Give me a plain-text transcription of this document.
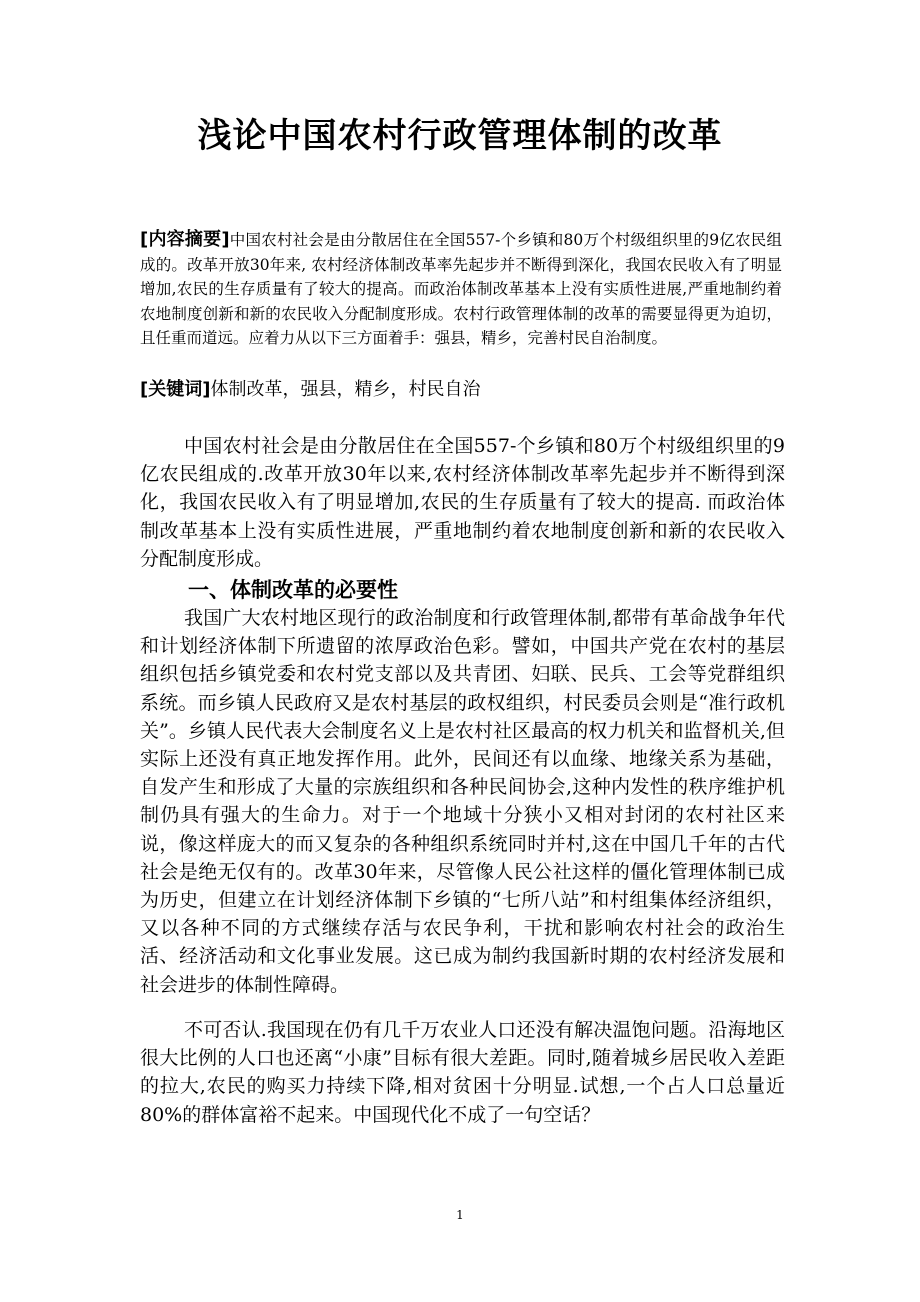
浅论中国农村行政管理体制的改革

[内容摘要]中国农村社会是由分散居住在全国557-个乡镇和80万个村级组织里的9亿农民组成的。改革开放30年来, 农村经济体制改革率先起步并不断得到深化，我国农民收入有了明显增加,农民的生存质量有了较大的提高。而政治体制改革基本上没有实质性进展,严重地制约着农地制度创新和新的农民收入分配制度形成。农村行政管理体制的改革的需要显得更为迫切，且任重而道远。应着力从以下三方面着手：强县，精乡，完善村民自治制度。

[关键词]体制改革，强县，精乡，村民自治

中国农村社会是由分散居住在全国557-个乡镇和80万个村级组织里的9亿农民组成的.改革开放30年以来,农村经济体制改革率先起步并不断得到深化，我国农民收入有了明显增加,农民的生存质量有了较大的提高. 而政治体制改革基本上没有实质性进展，严重地制约着农地制度创新和新的农民收入分配制度形成。

一、体制改革的必要性

我国广大农村地区现行的政治制度和行政管理体制,都带有革命战争年代和计划经济体制下所遗留的浓厚政治色彩。譬如，中国共产党在农村的基层组织包括乡镇党委和农村党支部以及共青团、妇联、民兵、工会等党群组织系统。而乡镇人民政府又是农村基层的政权组织，村民委员会则是“准行政机关”。乡镇人民代表大会制度名义上是农村社区最高的权力机关和监督机关,但实际上还没有真正地发挥作用。此外，民间还有以血缘、地缘关系为基础，自发产生和形成了大量的宗族组织和各种民间协会,这种内发性的秩序维护机制仍具有强大的生命力。对于一个地域十分狭小又相对封闭的农村社区来说，像这样庞大的而又复杂的各种组织系统同时并村,这在中国几千年的古代社会是绝无仅有的。改革30年来，尽管像人民公社这样的僵化管理体制已成为历史，但建立在计划经济体制下乡镇的“七所八站”和村组集体经济组织，又以各种不同的方式继续存活与农民争利，干扰和影响农村社会的政治生活、经济活动和文化事业发展。这已成为制约我国新时期的农村经济发展和社会进步的体制性障碍。

不可否认.我国现在仍有几千万农业人口还没有解决温饱问题。沿海地区很大比例的人口也还离“小康”目标有很大差距。同时,随着城乡居民收入差距的拉大,农民的购买力持续下降,相对贫困十分明显.试想,一个占人口总量近80%的群体富裕不起来。中国现代化不成了一句空话？

1
